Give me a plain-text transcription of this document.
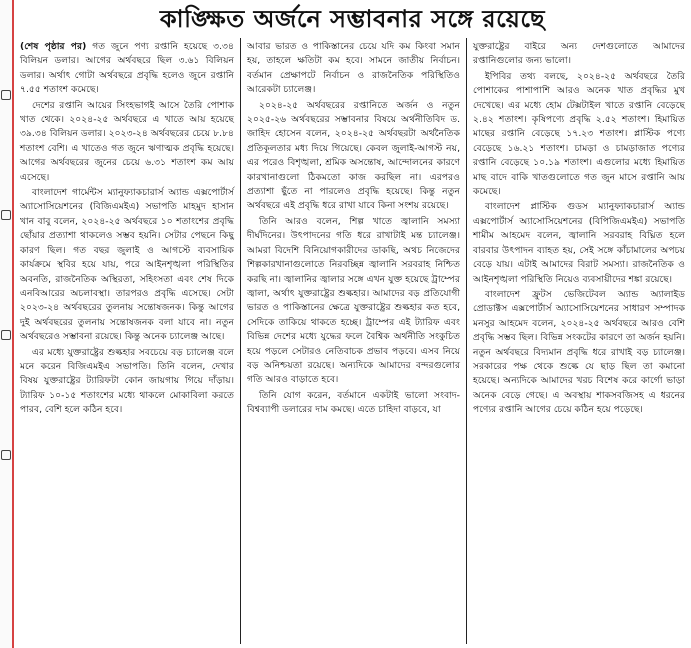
কাঙ্ক্ষিত অর্জনে সম্ভাবনার সঙ্গে রয়েছে

(শেষ পৃষ্ঠার পর) গত জুনে পণ্য রপ্তানি হয়েছে ৩.৩৪ বিলিয়ন ডলার। আগের অর্থবছরে ছিল ৩.৬১ বিলিয়ন ডলার। অর্থাৎ গোটা অর্থবছরে প্রবৃদ্ধি হলেও জুনে রপ্তানি ৭.৫৫ শতাংশ কমেছে।

দেশের রপ্তানি আয়ের সিংহভাগই আসে তৈরি পোশাক খাত থেকে। ২০২৪-২৫ অর্থবছরে এ খাতে আয় হয়েছে ৩৯.৩৪ বিলিয়ন ডলার। ২০২৩-২৪ অর্থবছরের চেয়ে ৮.৮৪ শতাংশ বেশি। এ খাতেও গত জুনে ঋণাত্মক প্রবৃদ্ধি হয়েছে। আগের অর্থবছরের জুনের চেয়ে ৬.৩১ শতাংশ কম আয় এসেছে।

বাংলাদেশ গার্মেন্টস ম্যানুফ্যাকচারার্স অ্যান্ড এক্সপোর্টার্স অ্যাসোসিয়েশনের (বিজিএমইএ) সভাপতি মাহমুদ হাসান খান বাবু বলেন, ২০২৪-২৫ অর্থবছরে ১০ শতাংশের প্রবৃদ্ধি ছোঁয়ার প্রত্যাশা থাকলেও সম্ভব হয়নি। সেটার পেছনে কিছু কারণ ছিল। গত বছর জুলাই ও আগস্টে ব্যবসায়িক কার্যক্রমে স্থবির হয়ে যায়, পরে আইনশৃঙ্খলা পরিস্থিতির অবনতি, রাজনৈতিক অস্থিরতা, সহিংসতা এবং শেষ দিকে এনবিআরের অচলাবস্থা। তারপরও প্রবৃদ্ধি এসেছে। সেটা ২০২৩-২৪ অর্থবছরের তুলনায় সন্তোষজনক। কিন্তু আগের দুই অর্থবছরের তুলনায় সন্তোষজনক বলা যাবে না। নতুন অর্থবছরেও সম্ভাবনা রয়েছে। কিন্তু অনেক চ্যালেঞ্জ আছে।

এর মধ্যে যুক্তরাষ্ট্রের শুল্কহার সবচেয়ে বড় চ্যালেঞ্জ বলে মনে করেন বিজিএমইএ সভাপতি। তিনি বলেন, দেখার বিষয় যুক্তরাষ্ট্রের ট্যারিফটা কোন জায়গায় গিয়ে দাঁড়ায়। ট্যারিফ ১০-১৫ শতাংশের মধ্যে থাকলে মোকাবিলা করতে পারব, বেশি হলে কঠিন হবে।

আবার ভারত ও পাকিস্তানের চেয়ে যদি কম কিংবা সমান হয়, তাহলে ক্ষতিটা কম হবে। সামনে জাতীয় নির্বাচন। বর্তমান প্রেক্ষাপটে নির্বাচন ও রাজনৈতিক পরিস্থিতিও আরেকটা চ্যালেঞ্জ।

২০২৪-২৫ অর্থবছরের রপ্তানিতে অর্জন ও নতুন ২০২৫-২৬ অর্থবছরের সম্ভাবনার বিষয়ে অর্থনীতিবিদ ড. জাহিদ হোসেন বলেন, ২০২৪-২৫ অর্থবছরটা অর্থনৈতিক প্রতিকূলতার মধ্য দিয়ে গিয়েছে। কেবল জুলাই-আগস্ট নয়, এর পরেও বিশৃঙ্খলা, শ্রমিক অসন্তোষ, আন্দোলনের কারণে কারখানাগুলো ঠিকমতো কাজ করছিল না। এরপরও প্রত্যাশা ছুঁতে না পারলেও প্রবৃদ্ধি হয়েছে। কিন্তু নতুন অর্থবছরে এই প্রবৃদ্ধি ধরে রাখা যাবে কিনা সংশয় রয়েছে।

তিনি আরও বলেন, শিল্প খাতে জ্বালানি সমস্যা দীর্ঘদিনের। উৎপাদনের গতি ধরে রাখাটাই মন্ত চ্যালেঞ্জ। আমরা বিদেশি বিনিয়োগকারীদের ডাকছি, অথচ নিজেদের শিল্পকারখানাগুলোতে নিরবচ্ছিন্ন জ্বালানি সরবরাহ নিশ্চিত করছি না। জ্বালানির জ্বালার সঙ্গে এখন যুক্ত হয়েছে ট্রাম্পের জ্বালা, অর্থাৎ যুক্তরাষ্ট্রের শুল্কহার। আমাদের বড় প্রতিযোগী ভারত ও পাকিস্তানের ক্ষেত্রে যুক্তরাষ্ট্রের শুল্কহার কত হবে, সেদিকে তাকিয়ে থাকতে হচ্ছে। ট্রাম্পের এই ট্যারিফ এবং বিভিন্ন দেশের মধ্যে যুদ্ধের ফলে বৈশ্বিক অর্থনীতি সংকুচিত হয়ে পড়লে সেটারও নেতিবাচক প্রভাব পড়বে। এসব নিয়ে বড় অনিশ্চয়তা রয়েছে। অন্যদিকে আমাদের বন্দরগুলোর গতি আরও বাড়াতে হবে।

তিনি যোগ করেন, বর্তমানে একটাই ভালো সংবাদ- বিশ্বব্যাপী ডলারের দাম কমছে। এতে চাহিদা বাড়বে, যা

যুক্তরাষ্ট্রের বাইরে অন্য দেশগুলোতে আমাদের রপ্তানিগুলোর জন্য ভালো।

ইপিবির তথ্য বলছে, ২০২৪-২৫ অর্থবছরে তৈরি পোশাকের পাশাপাশি আরও অনেক খাত প্রবৃদ্ধির মুখ দেখেছে। এর মধ্যে হোম টেক্সটাইল খাতে রপ্তানি বেড়েছে ২.৪২ শতাংশ। কৃষিপণ্যে প্রবৃদ্ধি ২.৫২ শতাংশ। হিমায়িত মাছের রপ্তানি বেড়েছে ১৭.২৩ শতাংশ। প্লাস্টিক পণ্যে বেড়েছে ১৬.২১ শতাংশ। চামড়া ও চামড়াজাত পণ্যের রপ্তানি বেড়েছে ১০.১৯ শতাংশ। এগুলোর মধ্যে হিমায়িত মাছ বাদে বাকি খাতগুলোতে গত জুন মাসে রপ্তানি আয় কমেছে।

বাংলাদেশ প্লাস্টিক গুডস ম্যানুফ্যাকচারার্স অ্যান্ড এক্সপোর্টার্স অ্যাসোসিয়েশনের (বিপিজিএমইএ) সভাপতি শামীম আহমেদ বলেন, জ্বালানি সরবরাহ বিঘ্নিত হলে বারবার উৎপাদন ব্যাহত হয়, সেই সঙ্গে কাঁচামালের অপচয় বেড়ে যায়। এটাই আমাদের বিরাট সমস্যা। রাজনৈতিক ও আইনশৃঙ্খলা পরিস্থিতি নিয়েও ব্যবসায়ীদের শঙ্কা রয়েছে।

বাংলাদেশ ফ্রুটস ভেজিটেবল অ্যান্ড অ্যালাইড প্রোডাক্টস এক্সপোর্টার্স অ্যাসোসিয়েশনের সাধারণ সম্পাদক মনসুর আহমেদ বলেন, ২০২৪-২৫ অর্থবছরে আরও বেশি প্রবৃদ্ধি সম্ভব ছিল। বিভিন্ন সংকটের কারণে তা অর্জন হয়নি। নতুন অর্থবছরে বিদ্যমান প্রবৃদ্ধি ধরে রাখাই বড় চ্যালেঞ্জ। সরকারের পক্ষ থেকে শুল্কে যে ছাড় ছিল তা কমানো হয়েছে। অন্যদিকে আমাদের খরচ বিশেষ করে কার্গো ভাড়া অনেক বেড়ে গেছে। এ অবস্থায় শাকসবজিসহ এ ধরনের পণ্যের রপ্তানি আগের চেয়ে কঠিন হয়ে পড়েছে।
